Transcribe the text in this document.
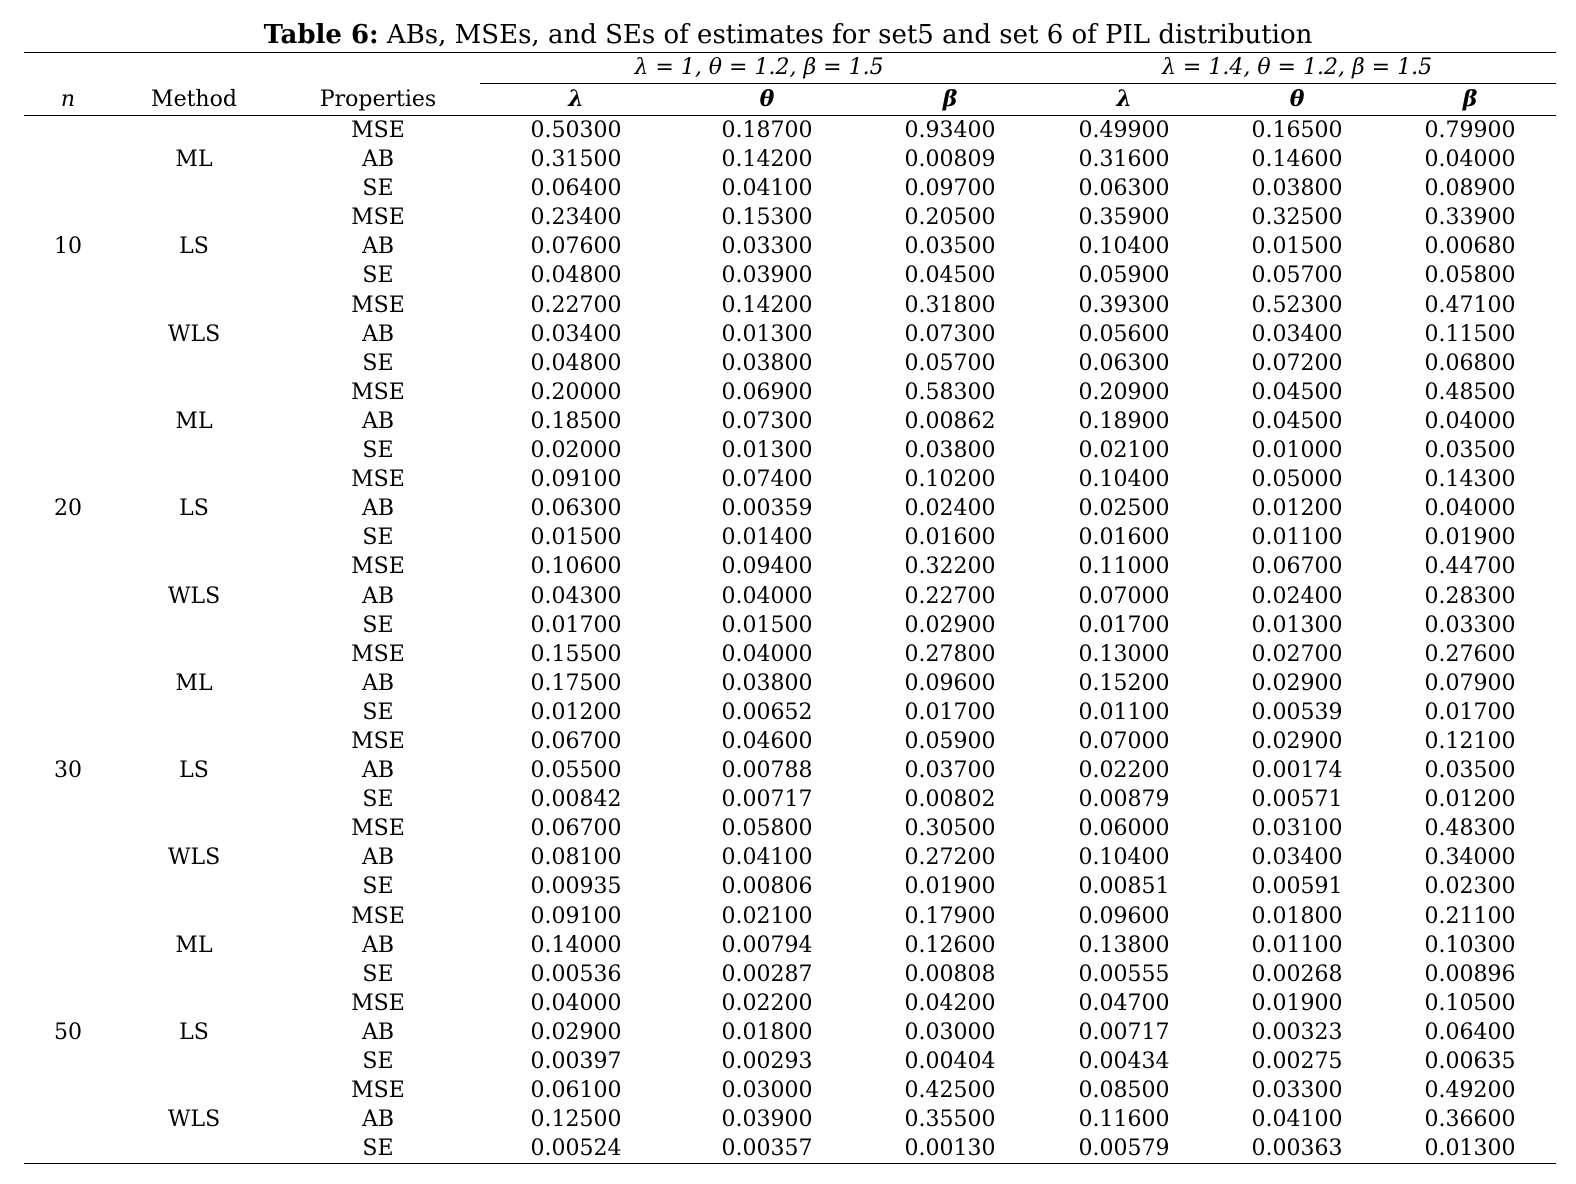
Table 6: ABs, MSEs, and SEs of estimates for set5 and set 6 of PIL distribution
			λ = 1, θ = 1.2, β = 1.5			λ = 1.4, θ = 1.2, β = 1.5		
n	Method	Properties	λ	θ	β	λ	θ	β
		MSE	0.50300	0.18700	0.93400	0.49900	0.16500	0.79900
	ML	AB	0.31500	0.14200	0.00809	0.31600	0.14600	0.04000
		SE	0.06400	0.04100	0.09700	0.06300	0.03800	0.08900
		MSE	0.23400	0.15300	0.20500	0.35900	0.32500	0.33900
10	LS	AB	0.07600	0.03300	0.03500	0.10400	0.01500	0.00680
		SE	0.04800	0.03900	0.04500	0.05900	0.05700	0.05800
		MSE	0.22700	0.14200	0.31800	0.39300	0.52300	0.47100
	WLS	AB	0.03400	0.01300	0.07300	0.05600	0.03400	0.11500
		SE	0.04800	0.03800	0.05700	0.06300	0.07200	0.06800
		MSE	0.20000	0.06900	0.58300	0.20900	0.04500	0.48500
	ML	AB	0.18500	0.07300	0.00862	0.18900	0.04500	0.04000
		SE	0.02000	0.01300	0.03800	0.02100	0.01000	0.03500
		MSE	0.09100	0.07400	0.10200	0.10400	0.05000	0.14300
20	LS	AB	0.06300	0.00359	0.02400	0.02500	0.01200	0.04000
		SE	0.01500	0.01400	0.01600	0.01600	0.01100	0.01900
		MSE	0.10600	0.09400	0.32200	0.11000	0.06700	0.44700
	WLS	AB	0.04300	0.04000	0.22700	0.07000	0.02400	0.28300
		SE	0.01700	0.01500	0.02900	0.01700	0.01300	0.03300
		MSE	0.15500	0.04000	0.27800	0.13000	0.02700	0.27600
	ML	AB	0.17500	0.03800	0.09600	0.15200	0.02900	0.07900
		SE	0.01200	0.00652	0.01700	0.01100	0.00539	0.01700
		MSE	0.06700	0.04600	0.05900	0.07000	0.02900	0.12100
30	LS	AB	0.05500	0.00788	0.03700	0.02200	0.00174	0.03500
		SE	0.00842	0.00717	0.00802	0.00879	0.00571	0.01200
		MSE	0.06700	0.05800	0.30500	0.06000	0.03100	0.48300
	WLS	AB	0.08100	0.04100	0.27200	0.10400	0.03400	0.34000
		SE	0.00935	0.00806	0.01900	0.00851	0.00591	0.02300
		MSE	0.09100	0.02100	0.17900	0.09600	0.01800	0.21100
	ML	AB	0.14000	0.00794	0.12600	0.13800	0.01100	0.10300
		SE	0.00536	0.00287	0.00808	0.00555	0.00268	0.00896
		MSE	0.04000	0.02200	0.04200	0.04700	0.01900	0.10500
50	LS	AB	0.02900	0.01800	0.03000	0.00717	0.00323	0.06400
		SE	0.00397	0.00293	0.00404	0.00434	0.00275	0.00635
		MSE	0.06100	0.03000	0.42500	0.08500	0.03300	0.49200
	WLS	AB	0.12500	0.03900	0.35500	0.11600	0.04100	0.36600
		SE	0.00524	0.00357	0.00130	0.00579	0.00363	0.01300
